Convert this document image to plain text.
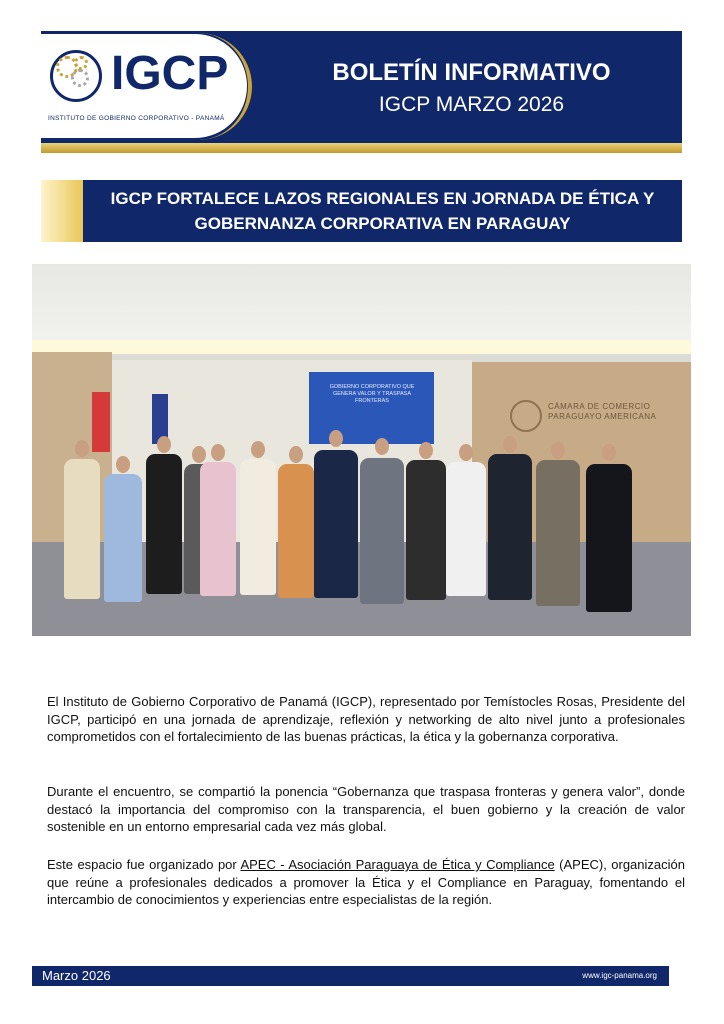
IGCP
INSTITUTO DE GOBIERNO CORPORATIVO - PANAMÁ
BOLETÍN INFORMATIVO
IGCP MARZO 2026
IGCP FORTALECE LAZOS REGIONALES EN JORNADA DE ÉTICA Y
GOBERNANZA CORPORATIVA EN PARAGUAY
GOBIERNO CORPORATIVO QUE GENERA VALOR Y TRASPASA FRONTERAS
CÁMARA DE COMERCIO PARAGUAYO AMERICANA

El Instituto de Gobierno Corporativo de Panamá (IGCP), representado por Temístocles Rosas, Presidente del IGCP, participó en una jornada de aprendizaje, reflexión y networking de alto nivel junto a profesionales comprometidos con el fortalecimiento de las buenas prácticas, la ética y la gobernanza corporativa.

Durante el encuentro, se compartió la ponencia “Gobernanza que traspasa fronteras y genera valor”, donde destacó la importancia del compromiso con la transparencia, el buen gobierno y la creación de valor sostenible en un entorno empresarial cada vez más global.

Este espacio fue organizado por APEC - Asociación Paraguaya de Ética y Compliance (APEC), organización que reúne a profesionales dedicados a promover la Ética y el Compliance en Paraguay, fomentando el intercambio de conocimientos y experiencias entre especialistas de la región.

Marzo 2026	www.igc-panama.org
